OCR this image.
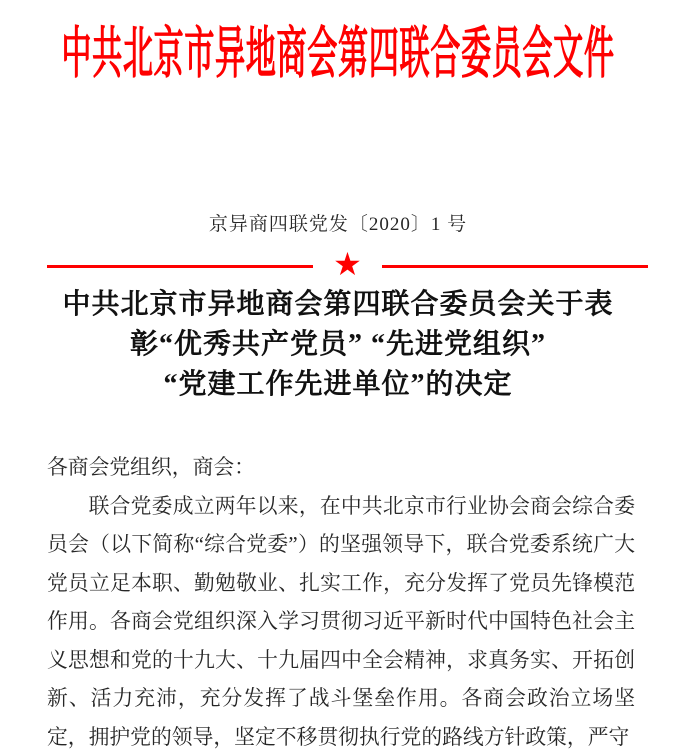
中共北京市异地商会第四联合委员会文件
京异商四联党发〔2020〕1 号
★
中共北京市异地商会第四联合委员会关于表
彰“优秀共产党员” “先进党组织”
“党建工作先进单位”的决定
各商会党组织，商会：

联合党委成立两年以来，在中共北京市行业协会商会综合委员会（以下简称“综合党委”）的坚强领导下，联合党委系统广大党员立足本职、勤勉敬业、扎实工作，充分发挥了党员先锋模范作用。各商会党组织深入学习贯彻习近平新时代中国特色社会主义思想和党的十九大、十九届四中全会精神，求真务实、开拓创新、活力充沛，充分发挥了战斗堡垒作用。各商会政治立场坚定，拥护党的领导，坚定不移贯彻执行党的路线方针政策，严守
